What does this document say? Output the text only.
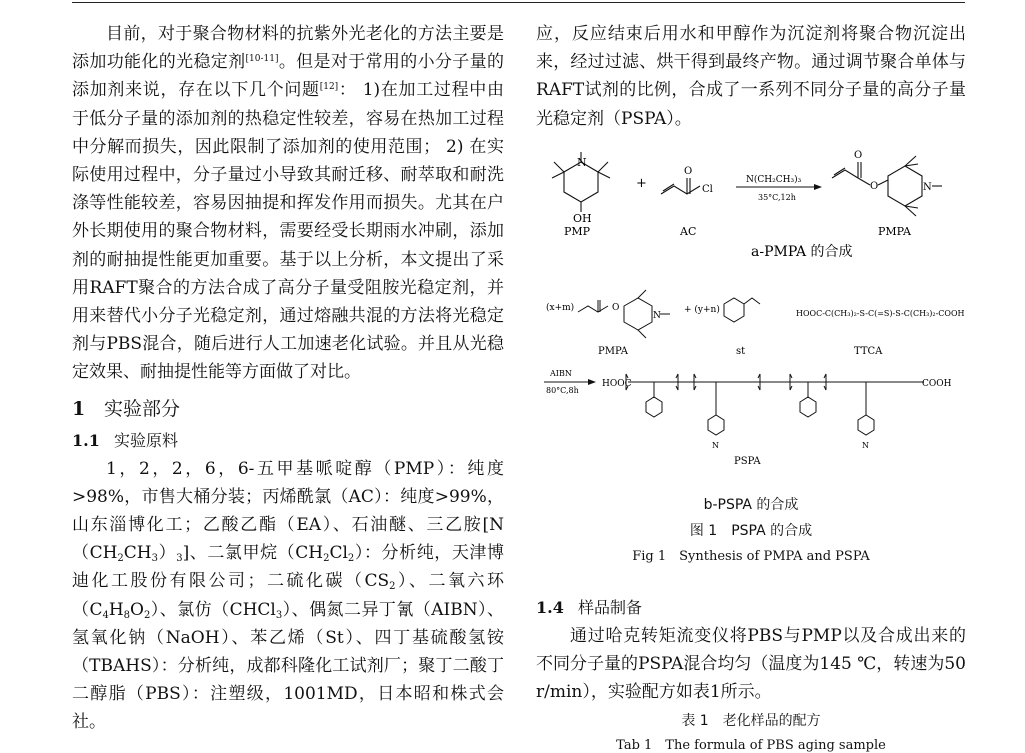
目前，对于聚合物材料的抗紫外光老化的方法主要是添加功能化的光稳定剂[10-11]。但是对于常用的小分子量的添加剂来说，存在以下几个问题[12]： 1)在加工过程中由于低分子量的添加剂的热稳定性较差，容易在热加工过程中分解而损失，因此限制了添加剂的使用范围； 2) 在实际使用过程中，分子量过小导致其耐迁移、耐萃取和耐洗涤等性能较差，容易因抽提和挥发作用而损失。尤其在户外长期使用的聚合物材料，需要经受长期雨水冲刷，添加剂的耐抽提性能更加重要。基于以上分析，本文提出了采用RAFT聚合的方法合成了高分子量受阻胺光稳定剂，并用来替代小分子光稳定剂，通过熔融共混的方法将光稳定剂与PBS混合，随后进行人工加速老化试验。并且从光稳定效果、耐抽提性能等方面做了对比。

1 实验部分
1.1 实验原料

1，2，2，6，6-五甲基哌啶醇（PMP）：纯度>98%，市售大桶分装；丙烯酰氯（AC）：纯度>99%，山东淄博化工；乙酸乙酯（EA）、石油醚、三乙胺$[N(CH_2CH_3)_3]$、二氯甲烷$(CH_2Cl_2)$：分析纯，天津博迪化工股份有限公司；二硫化碳$(CS_2)$、二氧六环$(C_4H_8O_2)$、氯仿（CHCl$_3$）、偶氮二异丁氰（AIBN）、氢氧化钠（NaOH）、苯乙烯（St）、四丁基硫酸氢铵（TBAHS）：分析纯，成都科隆化工试剂厂；聚丁二酸丁二醇脂（PBS）：注塑级，1001MD，日本昭和株式会社。

应，反应结束后用水和甲醇作为沉淀剂将聚合物沉淀出来，经过过滤、烘干得到最终产物。通过调节聚合单体与RAFT试剂的比例，合成了一系列不同分子量的高分子量光稳定剂（PSPA）。

N
OH
PMP
+
O
Cl
AC
N(CH₂CH₃)₃
35°C,12h
O
O	N
PMPA
a-PMPA 的合成
(x+m)	O
N
PMPA
+ (y+n)
st
HOOC-C(CH₃)₂-S-C(=S)-S-C(CH₃)₂-COOH
TTCA
AIBN
80°C,8h
HOOC	COOH
N	N
PSPA
b-PSPA 的合成
图 1　PSPA 的合成
Fig 1　Synthesis of PMPA and PSPA
1.4 样品制备

通过哈克转矩流变仪将PBS与PMP以及合成出来的不同分子量的PSPA混合均匀（温度为145 ℃，转速为50 r/min），实验配方如表1所示。

表 1　老化样品的配方
Tab 1　The formula of PBS aging sample
